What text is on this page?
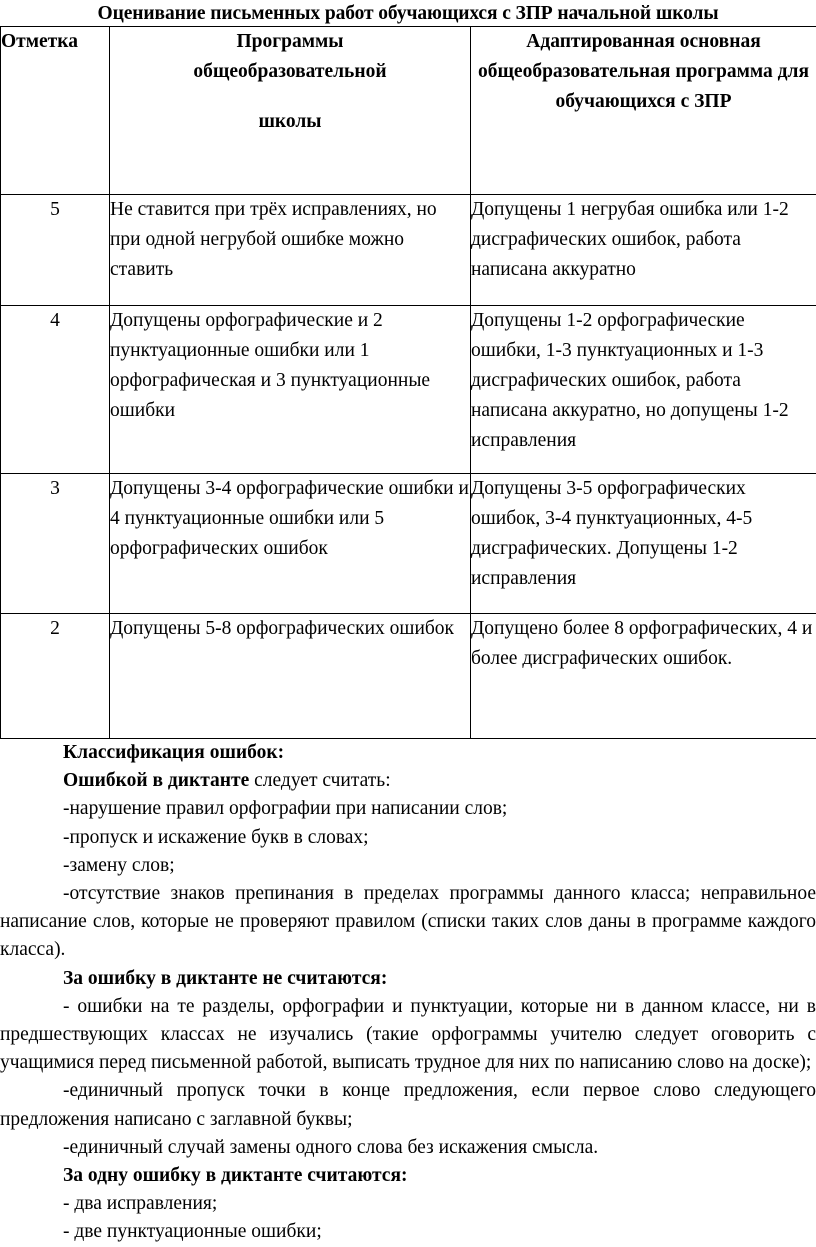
Оценивание письменных работ обучающихся с ЗПР начальной школы
Отметка	Программы
общеобразовательной
школы	Адаптированная основная общеобразовательная программа для обучающихся с ЗПР
5	Не ставится при трёх исправлениях, но при одной негрубой ошибке можно ставить	Допущены 1 негрубая ошибка или 1-2 дисграфических ошибок, работа написана аккуратно
4	Допущены орфографические и 2 пунктуационные ошибки или 1 орфографическая и 3 пунктуационные ошибки	Допущены 1-2 орфографические ошибки, 1-3 пунктуационных и 1-3 дисграфических ошибок, работа написана аккуратно, но допущены 1-2 исправления
3	Допущены 3-4 орфографические ошибки и 4 пунктуационные ошибки или 5 орфографических ошибок	Допущены 3-5 орфографических ошибок, 3-4 пунктуационных, 4-5 дисграфических. Допущены 1-2 исправления
2	Допущены 5-8 орфографических ошибок	Допущено более 8 орфографических, 4 и более дисграфических ошибок.

Классификация ошибок:

Ошибкой в диктанте следует считать:

-нарушение правил орфографии при написании слов;

-пропуск и искажение букв в словах;

-замену слов;

-отсутствие знаков препинания в пределах программы данного класса; неправильное написание слов, которые не проверяют правилом (списки таких слов даны в программе каждого класса).

За ошибку в диктанте не считаются:

- ошибки на те разделы, орфографии и пунктуации, которые ни в данном классе, ни в предшествующих классах не изучались (такие орфограммы учителю следует оговорить с учащимися перед письменной работой, выписать трудное для них по написанию слово на доске);

-единичный пропуск точки в конце предложения, если первое слово следующего предложения написано с заглавной буквы;

-единичный случай замены одного слова без искажения смысла.

За одну ошибку в диктанте считаются:

- два исправления;

- две пунктуационные ошибки;
